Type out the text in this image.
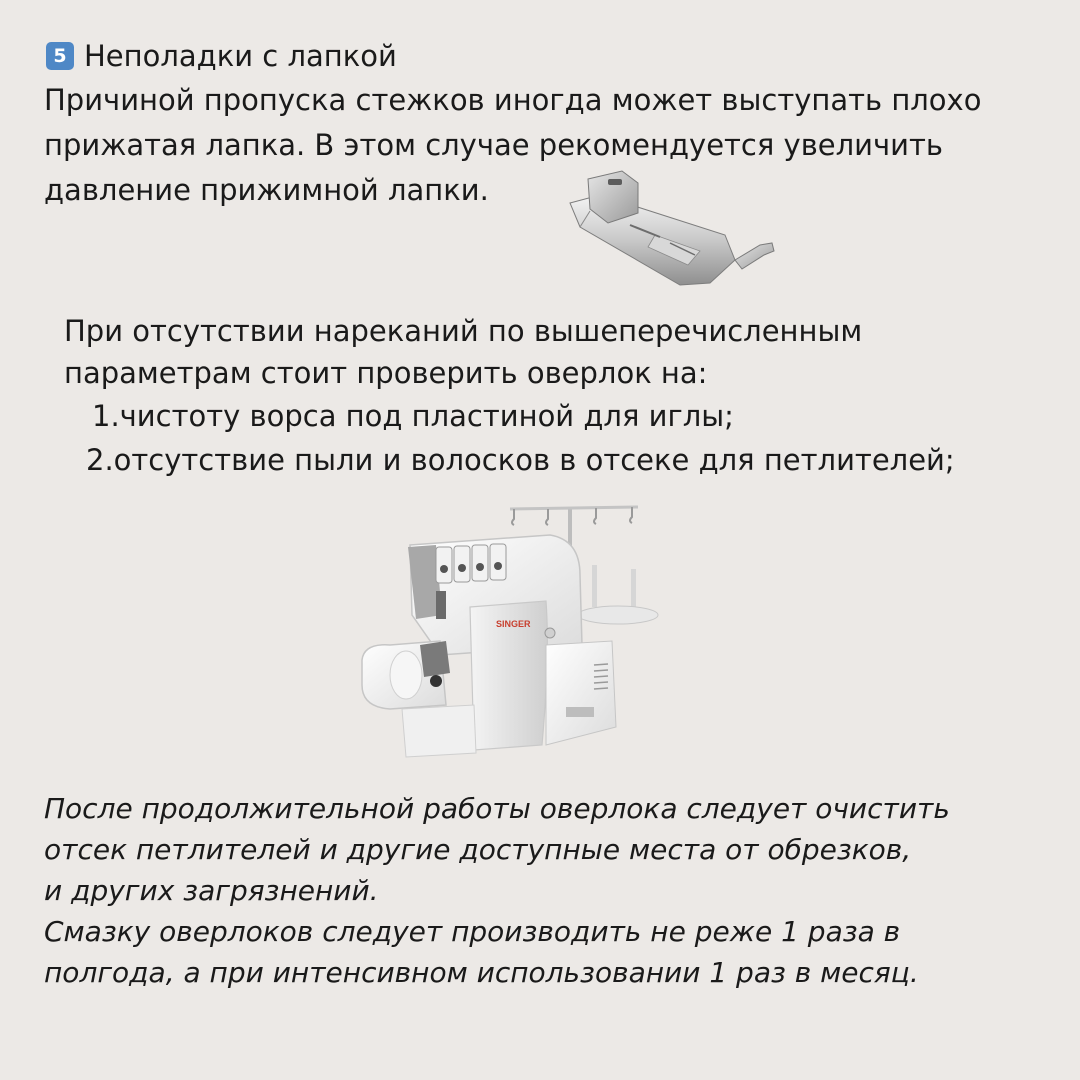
5 Неполадки с лапкой

Причиной пропуска стежков иногда может выступать плохо
прижатая лапка. В этом случае рекомендуется увеличить
давление прижимной лапки.

При отсутствии нареканий по вышеперечисленным
параметрам стоит проверить оверлок на:

1. чистоту ворса под пластиной для иглы;
2. отсутствие пыли и волосков в отсеке для петлителей;
SINGER

После продолжительной работы оверлока следует очистить
отсек петлителей и другие доступные места от обрезков,
и других загрязнений.
Смазку оверлоков следует производить не реже 1 раза в
полгода, а при интенсивном использовании 1 раз в месяц.
